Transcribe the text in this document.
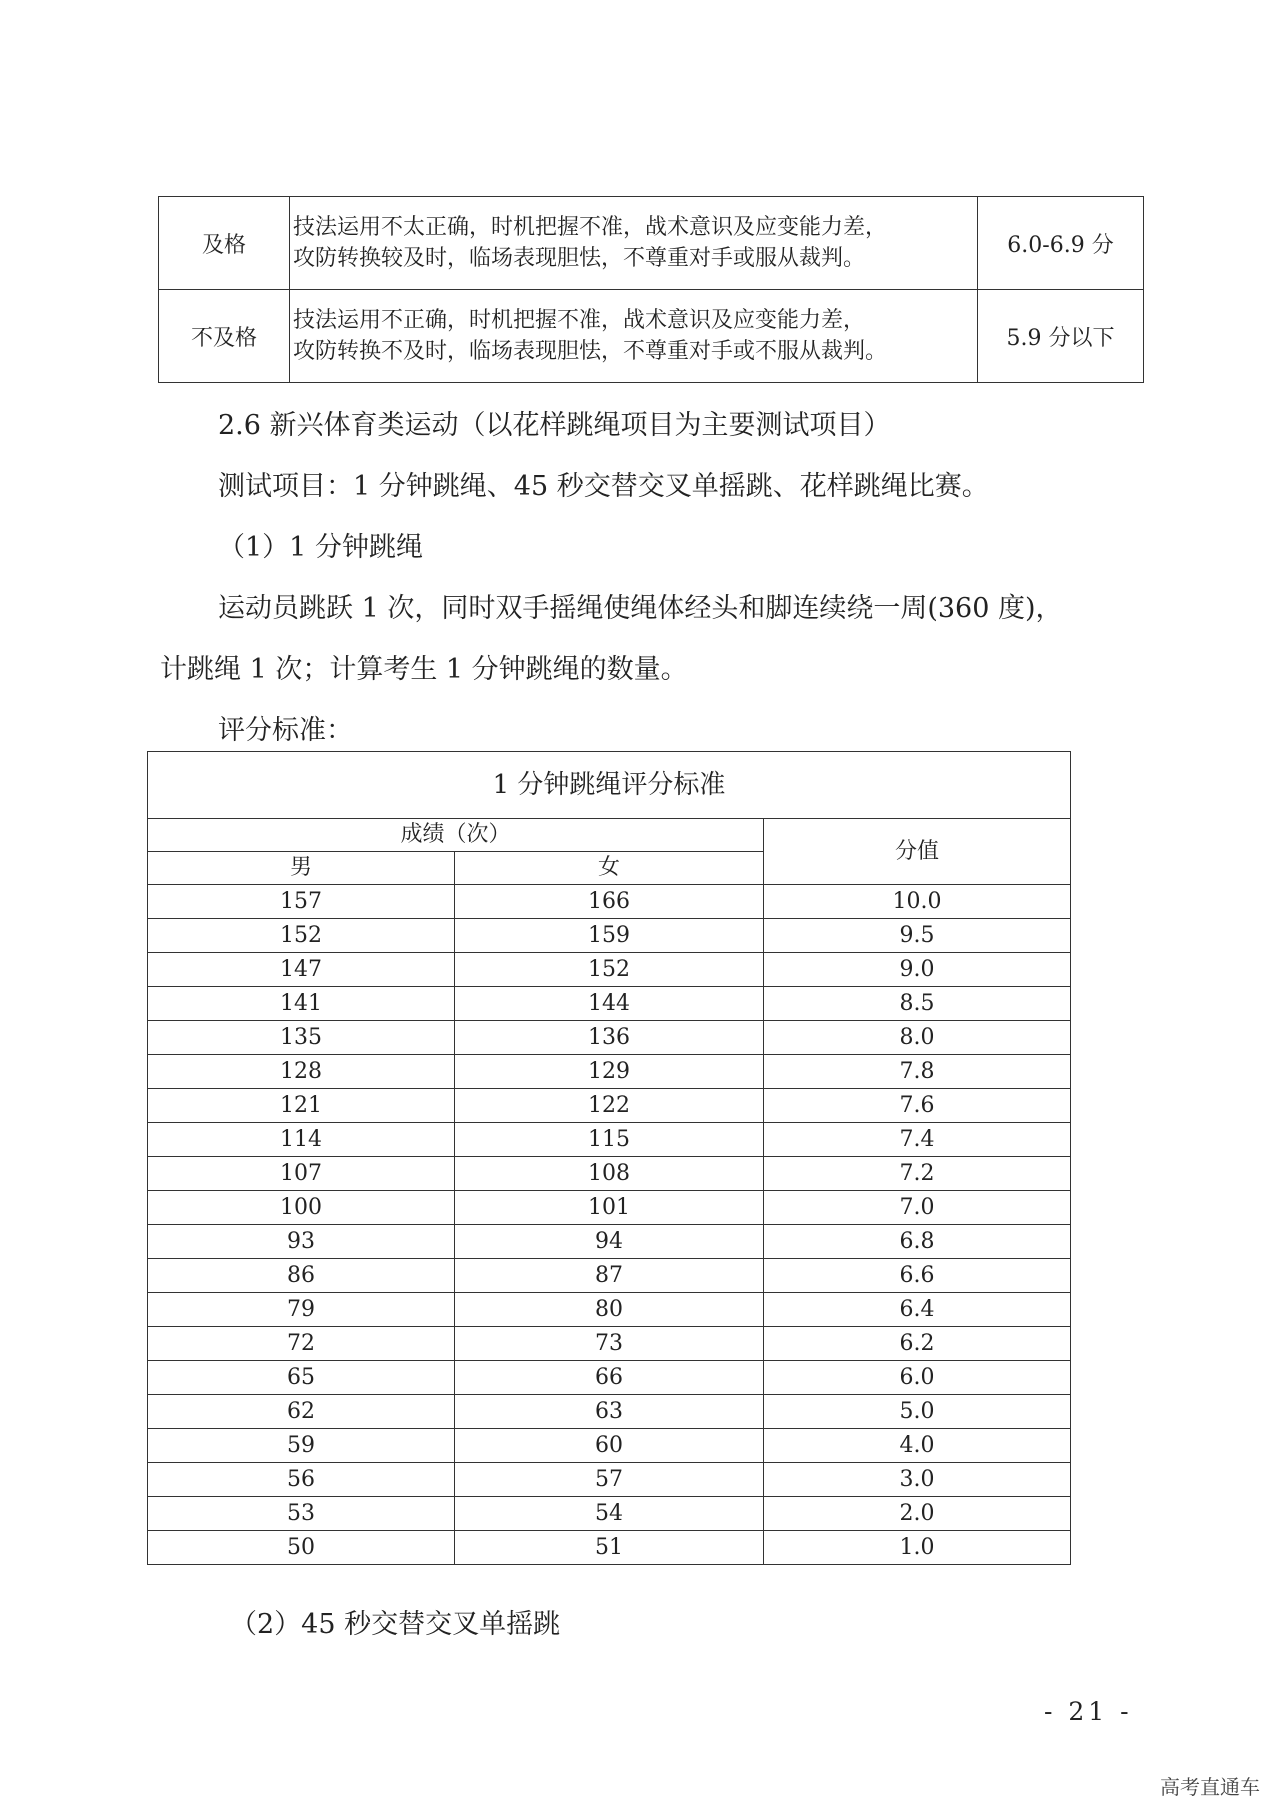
及格	技法运用不太正确，时机把握不准，战术意识及应变能力差，
攻防转换较及时，临场表现胆怯，不尊重对手或服从裁判。	6.0-6.9 分
不及格	技法运用不正确，时机把握不准，战术意识及应变能力差，
攻防转换不及时，临场表现胆怯，不尊重对手或不服从裁判。	5.9 分以下
2.6 新兴体育类运动（以花样跳绳项目为主要测试项目）
测试项目：1 分钟跳绳、45 秒交替交叉单摇跳、花样跳绳比赛。
（1）1 分钟跳绳
运动员跳跃 1 次，同时双手摇绳使绳体经头和脚连续绕一周(360 度)，
计跳绳 1 次；计算考生 1 分钟跳绳的数量。
评分标准：
1 分钟跳绳评分标准		
成绩（次）		分值
男	女	
157	166	10.0
152	159	9.5
147	152	9.0
141	144	8.5
135	136	8.0
128	129	7.8
121	122	7.6
114	115	7.4
107	108	7.2
100	101	7.0
93	94	6.8
86	87	6.6
79	80	6.4
72	73	6.2
65	66	6.0
62	63	5.0
59	60	4.0
56	57	3.0
53	54	2.0
50	51	1.0
（2）45 秒交替交叉单摇跳
- 21 -
高考直通车
